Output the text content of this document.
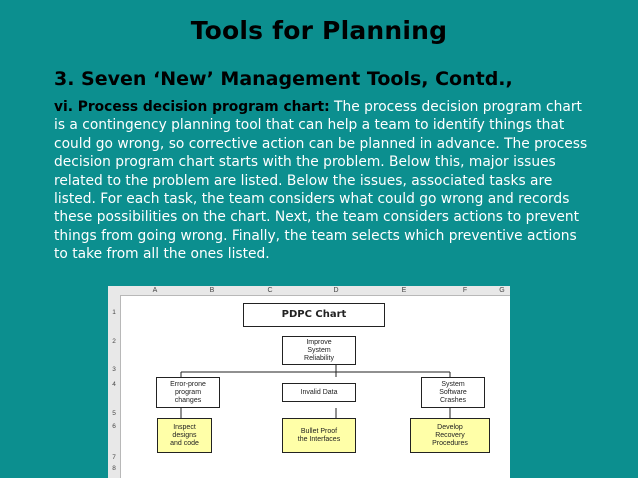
Tools for Planning
3. Seven ‘New’ Management Tools, Contd.,
vi. Process decision program chart: The process decision program chart is a contingency planning tool that can help a team to identify things that could go wrong, so corrective action can be planned in advance. The process decision program chart starts with the problem. Below this, major issues related to the problem are listed. Below the issues, associated tasks are listed. For each task, the team considers what could go wrong and records these possibilities on the chart. Next, the team considers actions to prevent things from going wrong. Finally, the team selects which preventive actions to take from all the ones listed.
A	B	C	D	E	F	G
1
2
3
4
5
6
7
8
PDPC Chart
Improve
System
Reliability
Error-prone
program
changes
Invalid Data
System
Software
Crashes
Inspect
designs
and code
Bullet Proof
the Interfaces
Develop
Recovery
Procedures
